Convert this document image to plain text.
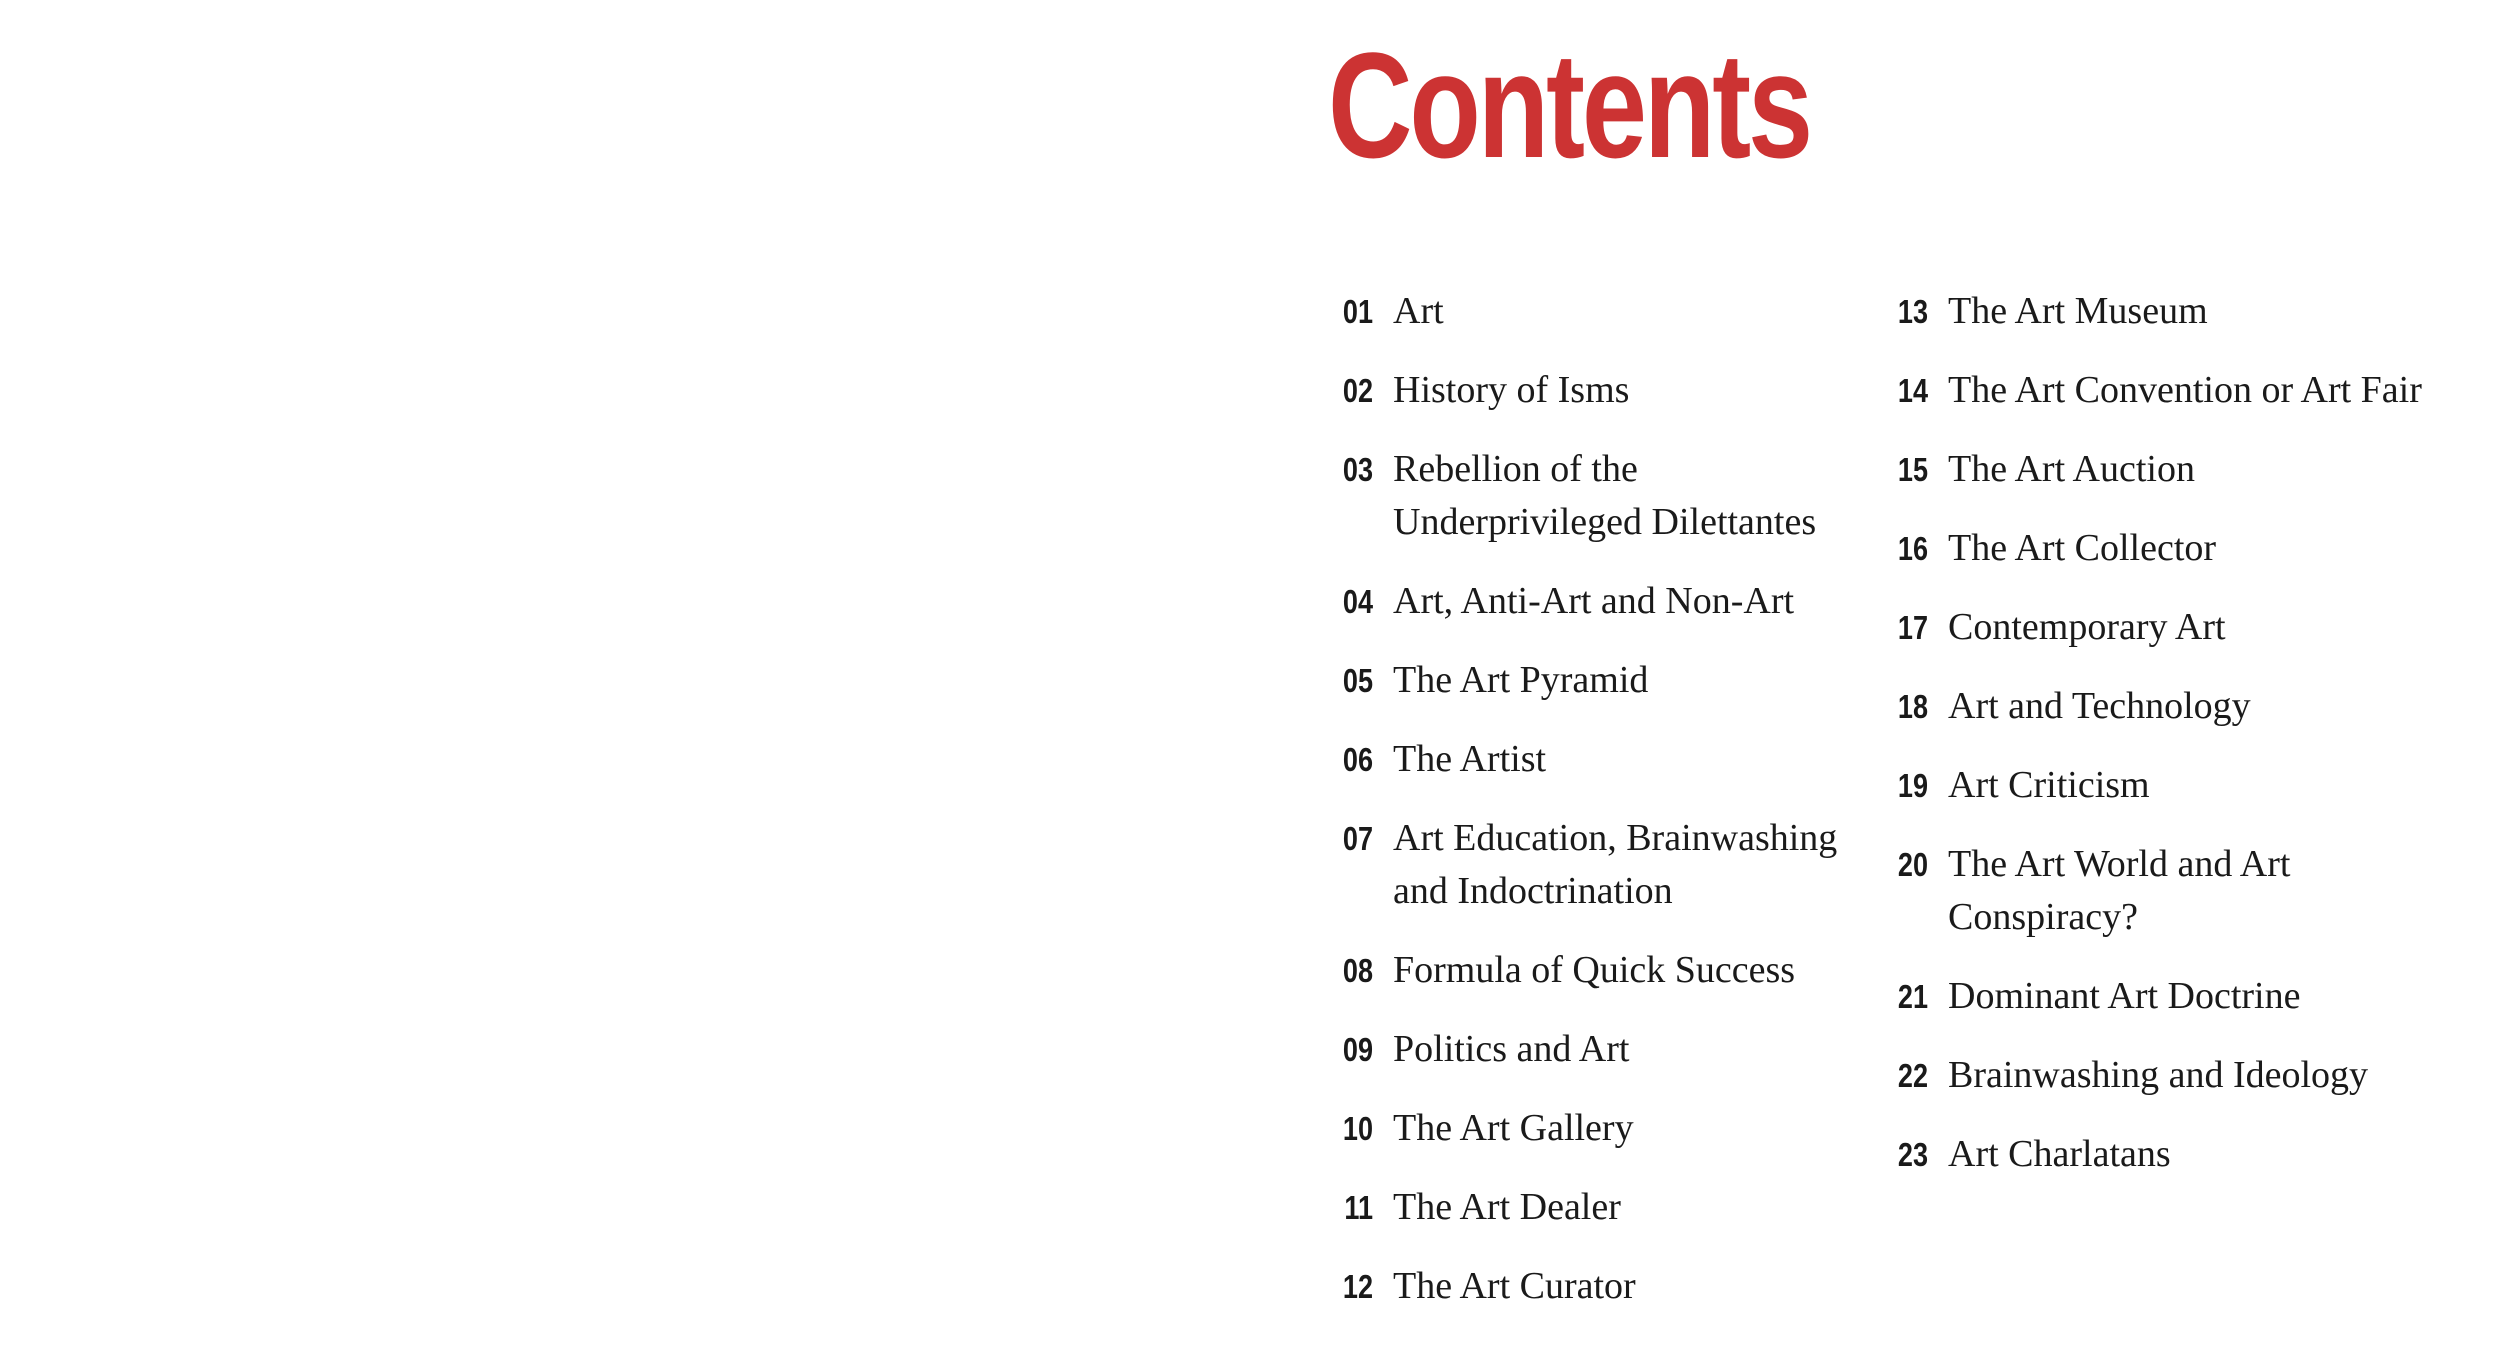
Contents
01 Art
02 History of Isms
03 Rebellion of the Underprivileged Dilettantes
04 Art, Anti-Art and Non-Art
05 The Art Pyramid
06 The Artist
07 Art Education, Brainwashing and Indoctrination
08 Formula of Quick Success
09 Politics and Art
10 The Art Gallery
11 The Art Dealer
12 The Art Curator
13 The Art Museum
14 The Art Convention or Art Fair
15 The Art Auction
16 The Art Collector
17 Contemporary Art
18 Art and Technology
19 Art Criticism
20 The Art World and Art Conspiracy?
21 Dominant Art Doctrine
22 Brainwashing and Ideology
23 Art Charlatans
